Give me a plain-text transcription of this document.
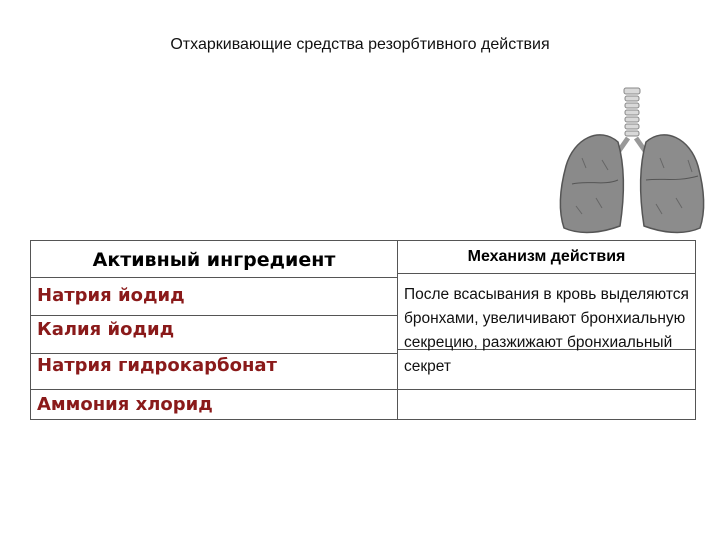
Отхаркивающие средства резорбтивного действия
Активный ингредиент	Механизм действия
Натрия йодид
Калия йодид
Натрия гидрокарбонат
Аммония хлорид
После всасывания в кровь выделяются бронхами, увеличивают бронхиальную секрецию, разжижают бронхиальный секрет
